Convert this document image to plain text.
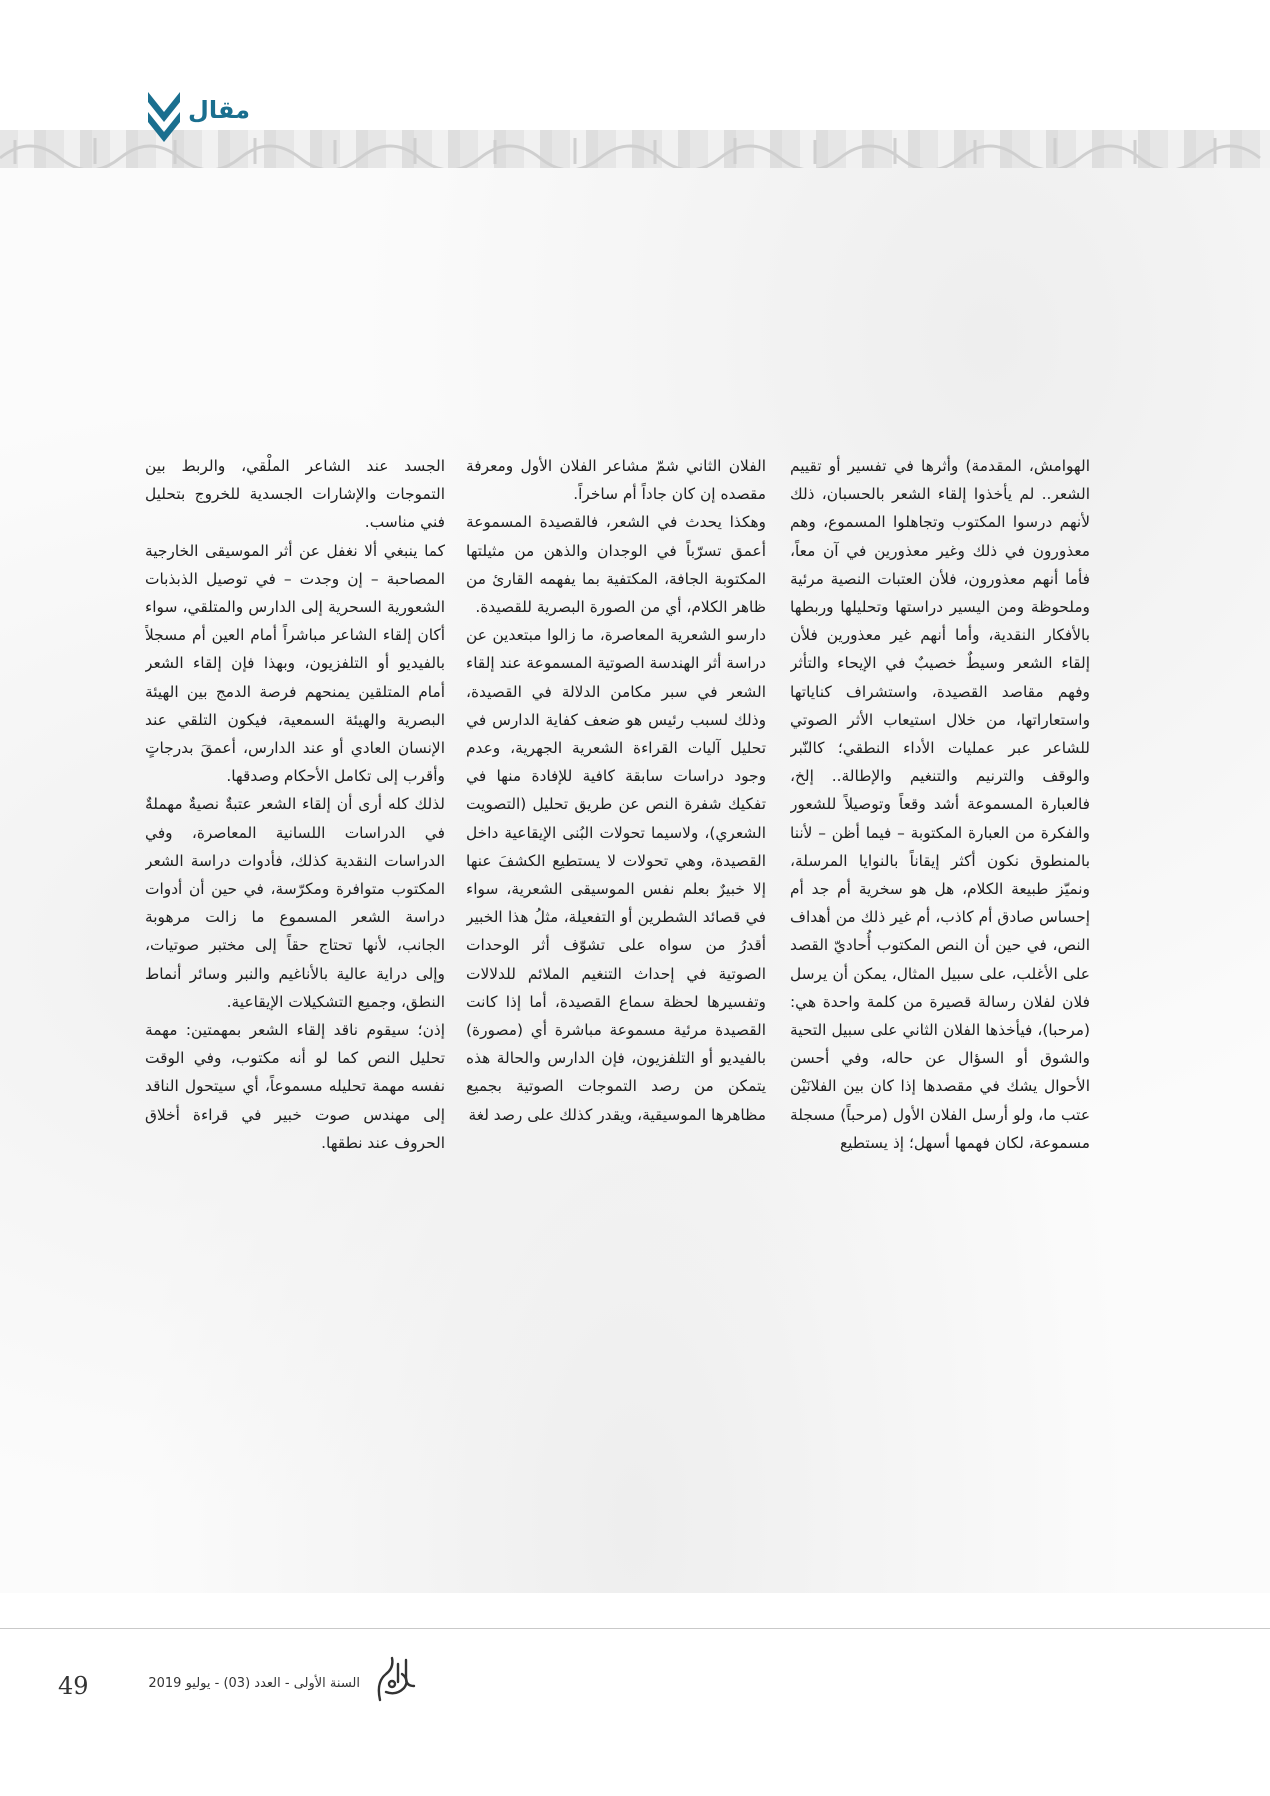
مقال

الهوامش، المقدمة) وأثرها في تفسير أو تقييم الشعر.. لم يأخذوا إلقاء الشعر بالحسبان، ذلك لأنهم درسوا المكتوب وتجاهلوا المسموع، وهم معذورون في ذلك وغير معذورين في آن معاً، فأما أنهم معذورون، فلأن العتبات النصية مرئية وملحوظة ومن اليسير دراستها وتحليلها وربطها بالأفكار النقدية، وأما أنهم غير معذورين فلأن إلقاء الشعر وسيطٌ خصيبٌ في الإيحاء والتأثر وفهم مقاصد القصيدة، واستشراف كناياتها واستعاراتها، من خلال استيعاب الأثر الصوتي للشاعر عبر عمليات الأداء النطقي؛ كالنّبر والوقف والترنيم والتنغيم والإطالة.. إلخ، فالعبارة المسموعة أشد وقعاً وتوصيلاً للشعور والفكرة من العبارة المكتوبة – فيما أظن – لأننا بالمنطوق نكون أكثر إيقاناً بالنوايا المرسلة، ونميّز طبيعة الكلام، هل هو سخرية أم جد أم إحساس صادق أم كاذب، أم غير ذلك من أهداف النص، في حين أن النص المكتوب أُحاديّ القصد على الأغلب، على سبيل المثال، يمكن أن يرسل فلان لفلان رسالة قصيرة من كلمة واحدة هي: (مرحبا)، فيأخذها الفلان الثاني على سبيل التحية والشوق أو السؤال عن حاله، وفي أحسن الأحوال يشك في مقصدها إذا كان بين الفلانَيْن عتب ما، ولو أرسل الفلان الأول (مرحباً) مسجلة مسموعة، لكان فهمها أسهل؛ إذ يستطيع

الفلان الثاني شمّ مشاعر الفلان الأول ومعرفة مقصده إن كان جاداً أم ساخراً.

وهكذا يحدث في الشعر، فالقصيدة المسموعة أعمق تسرّباً في الوجدان والذهن من مثيلتها المكتوبة الجافة، المكتفية بما يفهمه القارئ من ظاهر الكلام، أي من الصورة البصرية للقصيدة.

دارسو الشعرية المعاصرة، ما زالوا مبتعدين عن دراسة أثر الهندسة الصوتية المسموعة عند إلقاء الشعر في سبر مكامن الدلالة في القصيدة، وذلك لسبب رئيس هو ضعف كفاية الدارس في تحليل آليات القراءة الشعرية الجهرية، وعدم وجود دراسات سابقة كافية للإفادة منها في تفكيك شفرة النص عن طريق تحليل (التصويت الشعري)، ولاسيما تحولات البُنى الإيقاعية داخل القصيدة، وهي تحولات لا يستطيع الكشفَ عنها إلا خبيرٌ بعلم نفس الموسيقى الشعرية، سواء في قصائد الشطرين أو التفعيلة، مثلُ هذا الخبير أقدرُ من سواه على تشوّف أثر الوحدات الصوتية في إحداث التنغيم الملائم للدلالات وتفسيرها لحظة سماع القصيدة، أما إذا كانت القصيدة مرئية مسموعة مباشرة أي (مصورة) بالفيديو أو التلفزيون، فإن الدارس والحالة هذه يتمكن من رصد التموجات الصوتية بجميع مظاهرها الموسيقية، ويقدر كذلك على رصد لغة

الجسد عند الشاعر الملْقي، والربط بين التموجات والإشارات الجسدية للخروج بتحليل فني مناسب.

كما ينبغي ألا نغفل عن أثر الموسيقى الخارجية المصاحبة – إن وجدت – في توصيل الذبذبات الشعورية السحرية إلى الدارس والمتلقي، سواء أكان إلقاء الشاعر مباشراً أمام العين أم مسجلاً بالفيديو أو التلفزيون، وبهذا فإن إلقاء الشعر أمام المتلقين يمنحهم فرصة الدمج بين الهيئة البصرية والهيئة السمعية، فيكون التلقي عند الإنسان العادي أو عند الدارس، أعمقَ بدرجاتٍ وأقرب إلى تكامل الأحكام وصدقها.

لذلك كله أرى أن إلقاء الشعر عتبةٌ نصيةٌ مهملةٌ في الدراسات اللسانية المعاصرة، وفي الدراسات النقدية كذلك، فأدوات دراسة الشعر المكتوب متوافرة ومكرّسة، في حين أن أدوات دراسة الشعر المسموع ما زالت مرهوبة الجانب، لأنها تحتاج حقاً إلى مختبر صوتيات، وإلى دراية عالية بالأناغيم والنبر وسائر أنماط النطق، وجميع التشكيلات الإيقاعية.

إذن؛ سيقوم ناقد إلقاء الشعر بمهمتين: مهمة تحليل النص كما لو أنه مكتوب، وفي الوقت نفسه مهمة تحليله مسموعاً، أي سيتحول الناقد إلى مهندس صوت خبير في قراءة أخلاق الحروف عند نطقها.

49	السنة الأولى - العدد (03) - يوليو 2019
